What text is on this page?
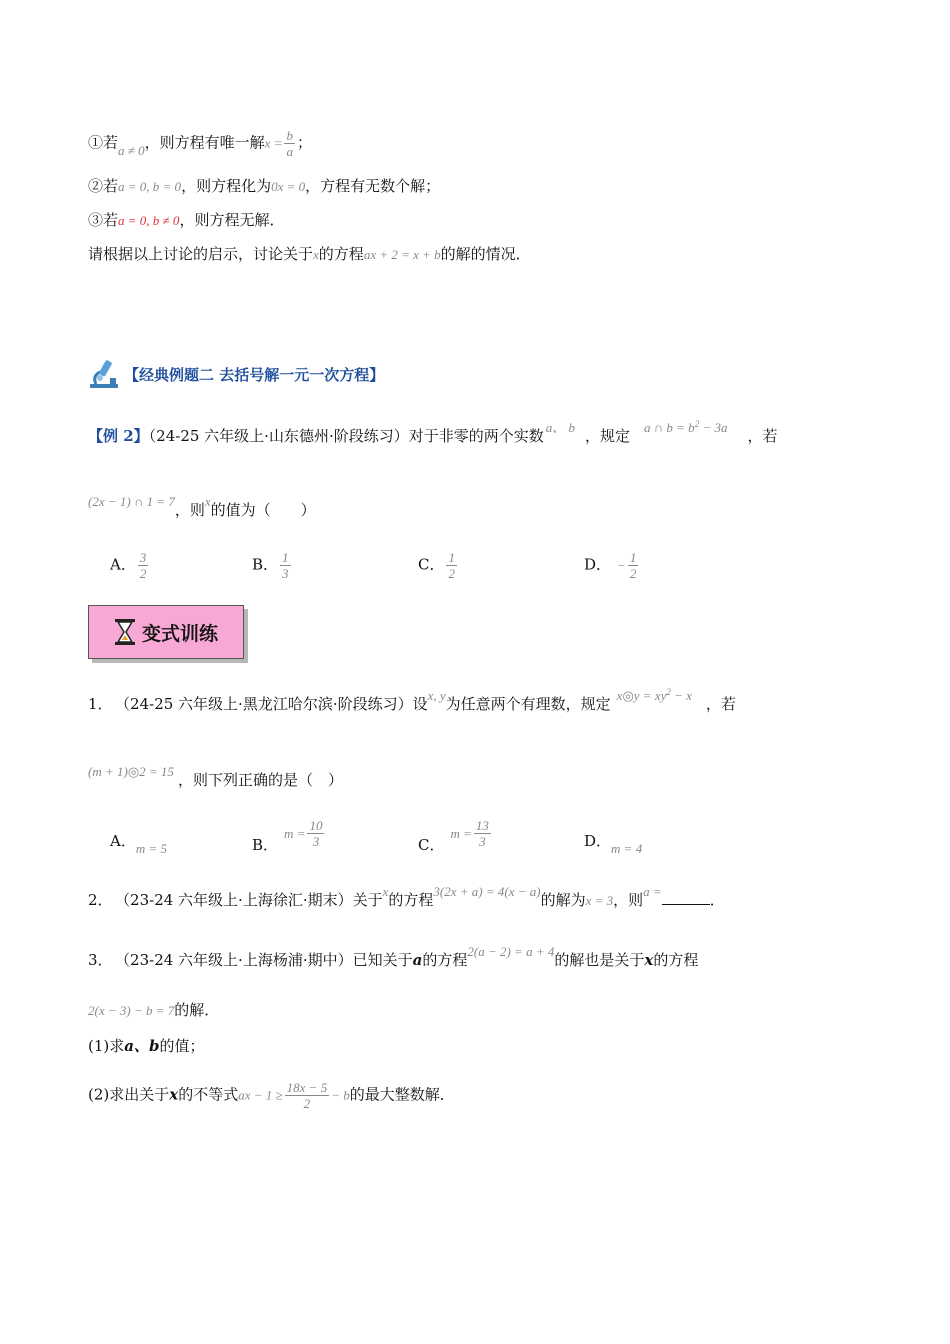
①若a ≠ 0，则方程有唯一解$x = \frac{b}{a}$ ；
②若a = 0, b = 0，则方程化为0x = 0，方程有无数个解；
③若a = 0, b ≠ 0，则方程无解．
请根据以上讨论的启示，讨论关于x的方程ax + 2 = x + b的解的情况．
【经典例题二 去括号解一元一次方程】
【例 2】（24-25 六年级上·山东德州·阶段练习）对于非零的两个实数 a、 b ，规定 a ∩ $b = b^2 - 3a$ ，若
(2x − 1) ∩ 1 = 7，则x的值为（　　）
A． $\frac{3}{2}$	B． $\frac{1}{3}$	C． $\frac{1}{2}$	D． − $\frac{1}{2}$
变式训练
1． （24-25 六年级上·黑龙江哈尔滨·阶段练习）设x, y为任意两个有理数，规定 x◎y = $xy^2 - x$ ，若
(m + 1)◎2 = 15 ，则下列正确的是（　）
A．m = 5	B．$m = \frac{10}{3}$	C．$m = \frac{13}{3}$	D．m = 4
2． （23-24 六年级上·上海徐汇·期末）关于x的方程3(2x + a) = 4(x − a)的解为x = 3，则a =	．
3． （23-24 六年级上·上海杨浦·期中）已知关于a的方程2(a − 2) = a + 4的解也是关于x的方程
2(x − 3) − b = 7的解．
(1)求a、b的值；
(2)求出关于x的不等式ax − $1 \ge \frac{18x - 5}{2} - b$的最大整数解．
